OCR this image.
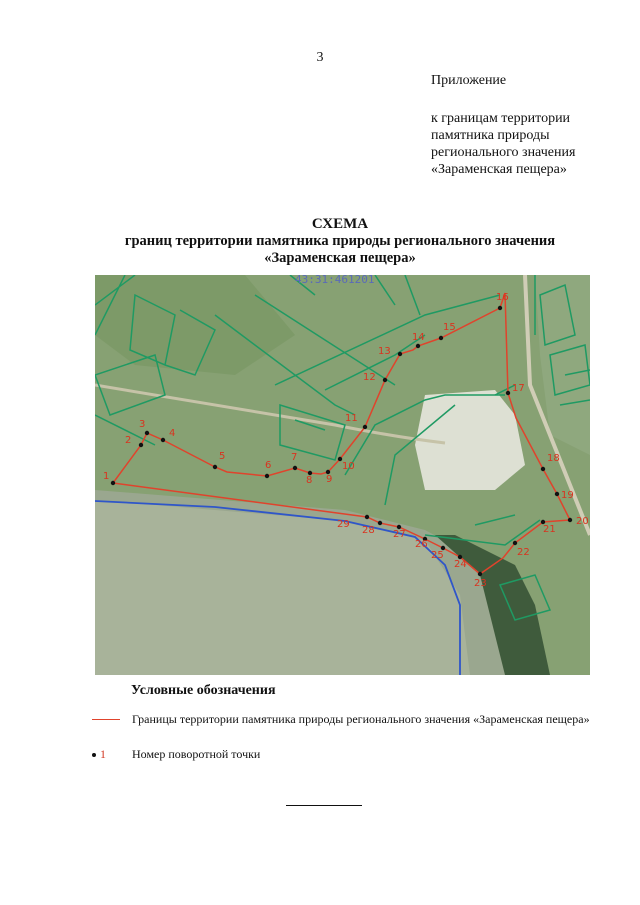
3
Приложение
к границам территории
памятника природы
регионального значения
«Зараменская пещера»
СХЕМА
границ территории памятника природы регионального значения
«Зараменская пещера»
43:31:461201
1
2
3
4
5
6
7
8 9
10
11
12
13
14
15
16
17
18
19
20
21
22
23
24
25
26
27
28
29
Условные обозначения
Границы территории памятника природы регионального значения «Зараменская пещера»
1	Номер поворотной точки
